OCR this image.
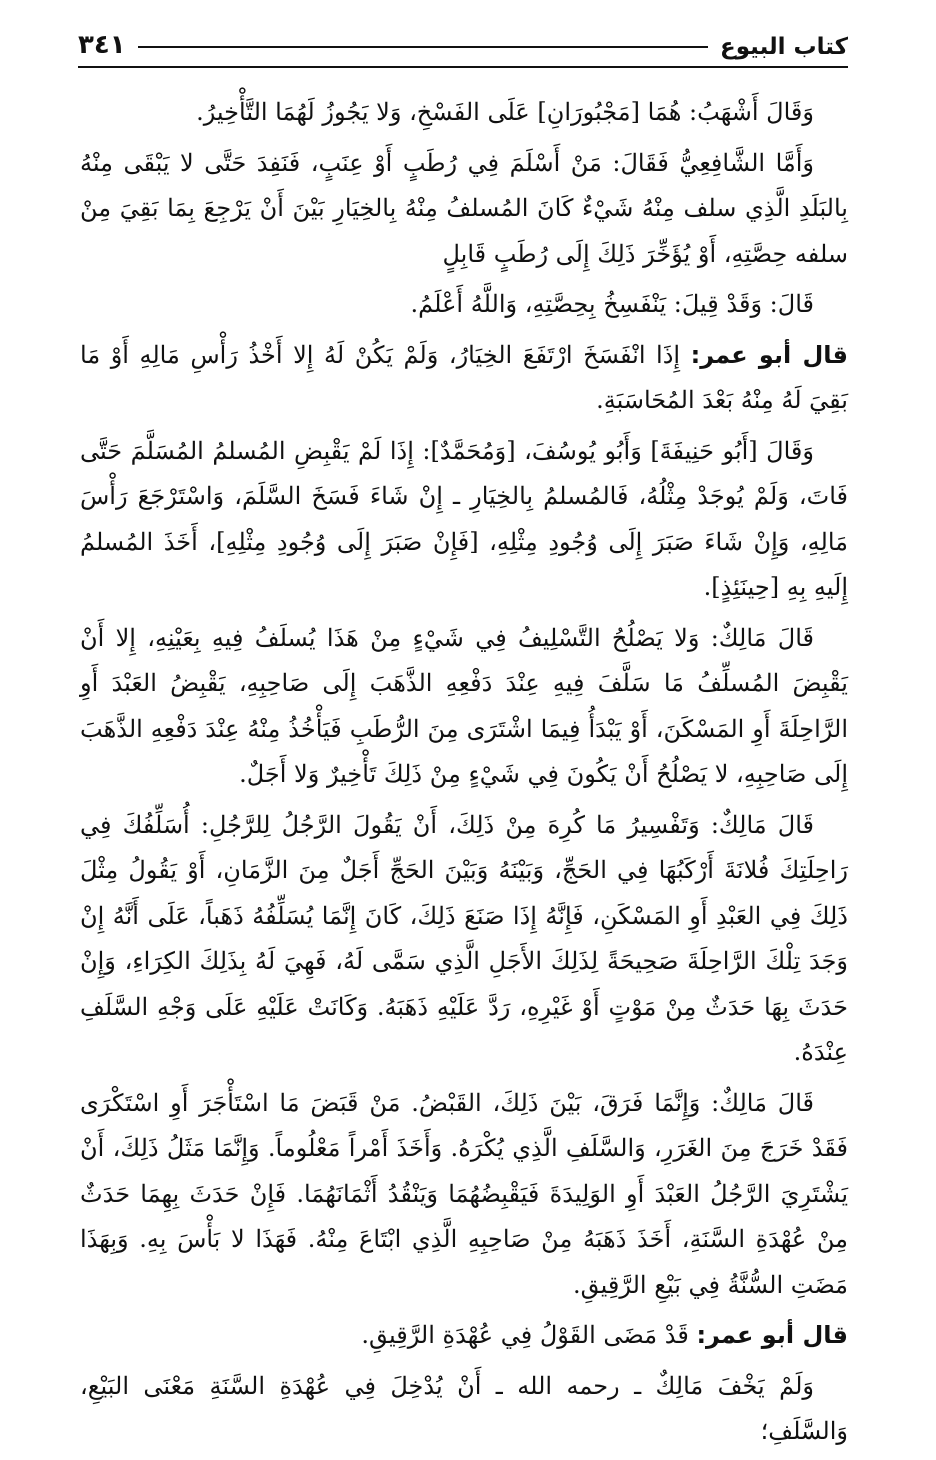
كتاب البيوع
٣٤١

وَقَالَ أَشْهَبُ: هُمَا [مَجْبُورَانِ] عَلَى الفَسْخِ، وَلا يَجُوزُ لَهُمَا التَّأْخِيرُ.

وَأَمَّا الشَّافِعِيُّ فَقَالَ: مَنْ أَسْلَمَ فِي رُطَبٍ أَوْ عِنَبٍ، فَنَفِدَ حَتَّى لا يَبْقَى مِنْهُ بِالبَلَدِ الَّذِي سلف مِنْهُ شَيْءٌ كَانَ المُسلفُ مِنْهُ بِالخِيَارِ بَيْنَ أَنْ يَرْجِعَ بِمَا بَقِيَ مِنْ سلفه حِصَّتِهِ، أَوْ يُؤَخِّرَ ذَلِكَ إِلَى رُطَبٍ قَابِلٍ

قَالَ: وَقَدْ قِيلَ: يَنْفَسِخُ بِحِصَّتِهِ، وَاللَّهُ أَعْلَمُ.

قال أبو عمر: إِذَا انْفَسَخَ ارْتَفَعَ الخِيَارُ، وَلَمْ يَكُنْ لَهُ إِلا أَخْذُ رَأْسِ مَالِهِ أَوْ مَا بَقِيَ لَهُ مِنْهُ بَعْدَ المُحَاسَبَةِ.

وَقَالَ [أَبُو حَنِيفَةَ] وَأَبُو يُوسُفَ، [وَمُحَمَّدٌ]: إِذَا لَمْ يَقْبِضِ المُسلمُ المُسَلَّمَ حَتَّى فَاتَ، وَلَمْ يُوجَدْ مِثْلُهُ، فَالمُسلمُ بِالخِيَارِ ـ إِنْ شَاءَ فَسَخَ السَّلَمَ، وَاسْتَرْجَعَ رَأْسَ مَالِهِ، وَإِنْ شَاءَ صَبَرَ إِلَى وُجُودِ مِثْلِهِ، [فَإِنْ صَبَرَ إِلَى وُجُودِ مِثْلِهِ]، أَخَذَ المُسلمُ إِلَيهِ بِهِ [حِينَئِذٍ].

قَالَ مَالِكٌ: وَلا يَصْلُحُ التَّسْلِيفُ فِي شَيْءٍ مِنْ هَذَا يُسلَفُ فِيهِ بِعَيْنِهِ، إِلا أَنْ يَقْبِضَ المُسلِّفُ مَا سَلَّفَ فِيهِ عِنْدَ دَفْعِهِ الذَّهَبَ إِلَى صَاحِبِهِ، يَقْبِضُ العَبْدَ أَوِ الرَّاحِلَةَ أَوِ المَسْكَنَ، أَوْ يَبْدَأُ فِيمَا اشْتَرَى مِنَ الرُّطَبِ فَيَأْخُذُ مِنْهُ عِنْدَ دَفْعِهِ الذَّهَبَ إِلَى صَاحِبِهِ، لا يَصْلُحُ أَنْ يَكُونَ فِي شَيْءٍ مِنْ ذَلِكَ تَأْخِيرٌ وَلا أَجَلٌ.

قَالَ مَالِكٌ: وَتَفْسِيرُ مَا كُرِهَ مِنْ ذَلِكَ، أَنْ يَقُولَ الرَّجُلُ لِلرَّجُلِ: أُسَلِّفُكَ فِي رَاحِلَتِكَ فُلانَةَ أَرْكَبُهَا فِي الحَجِّ، وَبَيْنَهُ وَبَيْنَ الحَجِّ أَجَلٌ مِنَ الزَّمَانِ، أَوْ يَقُولُ مِثْلَ ذَلِكَ فِي العَبْدِ أَوِ المَسْكَنِ، فَإِنَّهُ إِذَا صَنَعَ ذَلِكَ، كَانَ إِنَّمَا يُسَلِّفُهُ ذَهَباً، عَلَى أَنَّهُ إِنْ وَجَدَ تِلْكَ الرَّاحِلَةَ صَحِيحَةً لِذَلِكَ الأَجَلِ الَّذِي سَمَّى لَهُ، فَهِيَ لَهُ بِذَلِكَ الكِرَاءِ، وَإِنْ حَدَثَ بِهَا حَدَثٌ مِنْ مَوْتٍ أَوْ غَيْرِهِ، رَدَّ عَلَيْهِ ذَهَبَهُ. وَكَانَتْ عَلَيْهِ عَلَى وَجْهِ السَّلَفِ عِنْدَهُ.

قَالَ مَالِكٌ: وَإِنَّمَا فَرَقَ، بَيْنَ ذَلِكَ، القَبْضُ. مَنْ قَبَضَ مَا اسْتَأْجَرَ أَوِ اسْتَكْرَى فَقَدْ خَرَجَ مِنَ الغَرَرِ، وَالسَّلَفِ الَّذِي يُكْرَهُ. وَأَخَذَ أَمْراً مَعْلُوماً. وَإِنَّمَا مَثَلُ ذَلِكَ، أَنْ يَشْتَرِيَ الرَّجُلُ العَبْدَ أَوِ الوَلِيدَةَ فَيَقْبِضُهُمَا وَيَنْقُدُ أَثْمَانَهُمَا. فَإِنْ حَدَثَ بِهِمَا حَدَثٌ مِنْ عُهْدَةِ السَّنَةِ، أَخَذَ ذَهَبَهُ مِنْ صَاحِبِهِ الَّذِي ابْتَاعَ مِنْهُ. فَهَذَا لا بَأْسَ بِهِ. وَبِهَذَا مَضَتِ السُّنَّةُ فِي بَيْعِ الرَّقِيقِ.

قال أبو عمر: قَدْ مَضَى القَوْلُ فِي عُهْدَةِ الرَّقِيقِ.

وَلَمْ يَخْفَ مَالِكٌ ـ رحمه الله ـ أَنْ يُدْخِلَ فِي عُهْدَةِ السَّنَةِ مَعْنَى البَيْعِ، وَالسَّلَفِ؛
